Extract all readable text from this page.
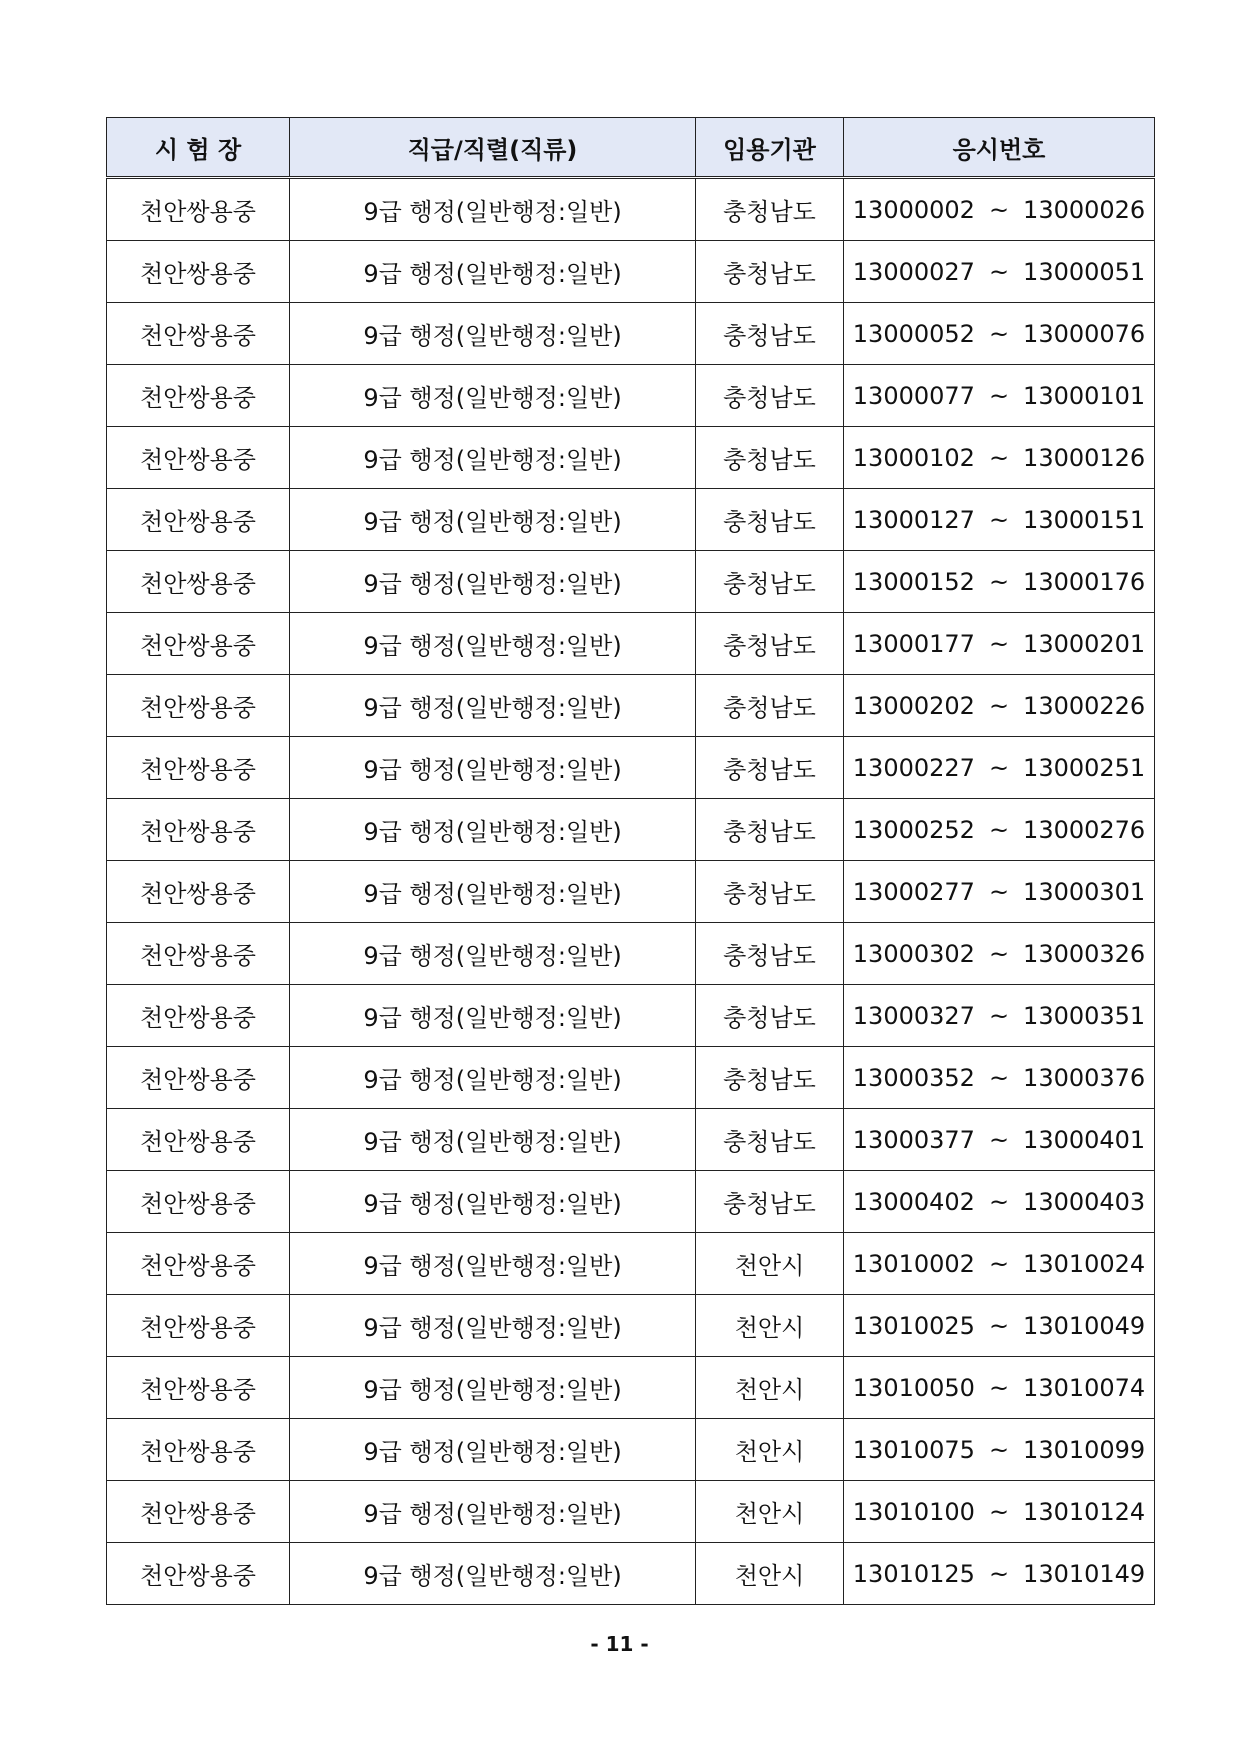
시 험 장	직급/직렬(직류)	임용기관	응시번호
천안쌍용중	9급 행정(일반행정:일반)	충청남도	13000002 ~ 13000026
천안쌍용중	9급 행정(일반행정:일반)	충청남도	13000027 ~ 13000051
천안쌍용중	9급 행정(일반행정:일반)	충청남도	13000052 ~ 13000076
천안쌍용중	9급 행정(일반행정:일반)	충청남도	13000077 ~ 13000101
천안쌍용중	9급 행정(일반행정:일반)	충청남도	13000102 ~ 13000126
천안쌍용중	9급 행정(일반행정:일반)	충청남도	13000127 ~ 13000151
천안쌍용중	9급 행정(일반행정:일반)	충청남도	13000152 ~ 13000176
천안쌍용중	9급 행정(일반행정:일반)	충청남도	13000177 ~ 13000201
천안쌍용중	9급 행정(일반행정:일반)	충청남도	13000202 ~ 13000226
천안쌍용중	9급 행정(일반행정:일반)	충청남도	13000227 ~ 13000251
천안쌍용중	9급 행정(일반행정:일반)	충청남도	13000252 ~ 13000276
천안쌍용중	9급 행정(일반행정:일반)	충청남도	13000277 ~ 13000301
천안쌍용중	9급 행정(일반행정:일반)	충청남도	13000302 ~ 13000326
천안쌍용중	9급 행정(일반행정:일반)	충청남도	13000327 ~ 13000351
천안쌍용중	9급 행정(일반행정:일반)	충청남도	13000352 ~ 13000376
천안쌍용중	9급 행정(일반행정:일반)	충청남도	13000377 ~ 13000401
천안쌍용중	9급 행정(일반행정:일반)	충청남도	13000402 ~ 13000403
천안쌍용중	9급 행정(일반행정:일반)	천안시	13010002 ~ 13010024
천안쌍용중	9급 행정(일반행정:일반)	천안시	13010025 ~ 13010049
천안쌍용중	9급 행정(일반행정:일반)	천안시	13010050 ~ 13010074
천안쌍용중	9급 행정(일반행정:일반)	천안시	13010075 ~ 13010099
천안쌍용중	9급 행정(일반행정:일반)	천안시	13010100 ~ 13010124
천안쌍용중	9급 행정(일반행정:일반)	천안시	13010125 ~ 13010149
- 11 -
